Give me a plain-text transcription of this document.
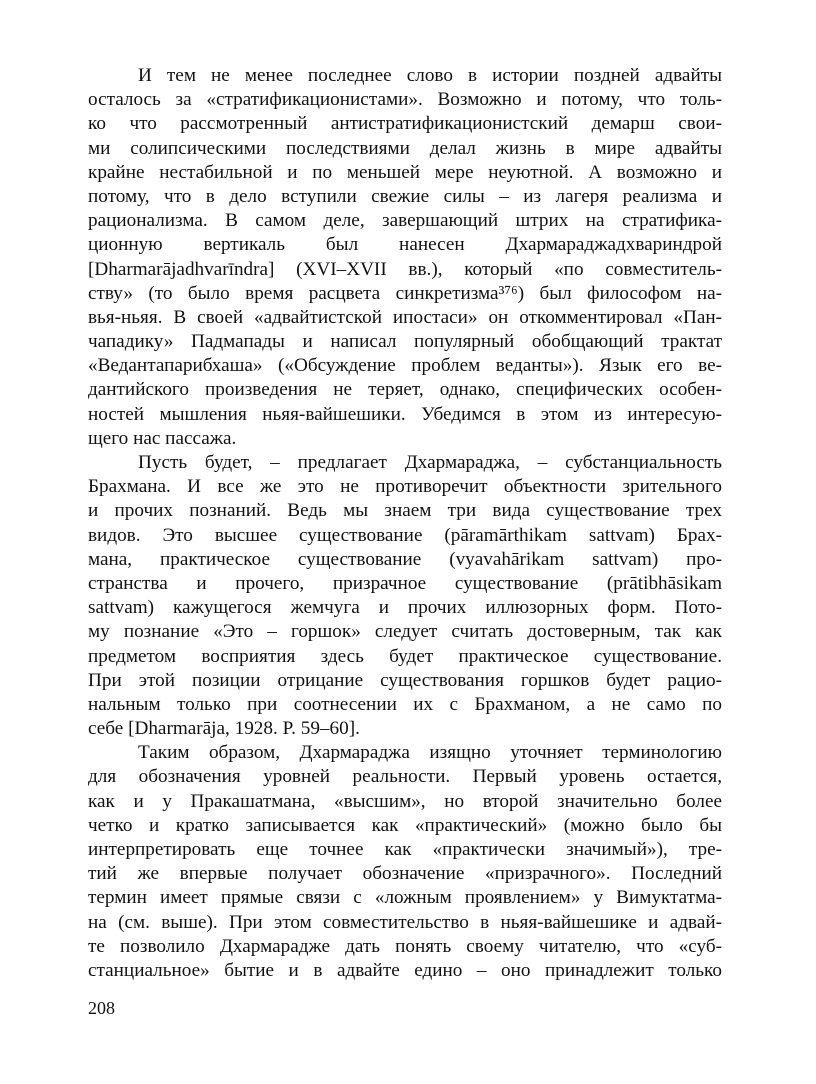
И тем не менее последнее слово в истории поздней адвайты
осталось за «стратификационистами». Возможно и потому, что толь-
ко что рассмотренный антистратификационистский демарш свои-
ми солипсическими последствиями делал жизнь в мире адвайты
крайне нестабильной и по меньшей мере неуютной. А возможно и
потому, что в дело вступили свежие силы – из лагеря реализма и
рационализма. В самом деле, завершающий штрих на стратифика-
ционную вертикаль был нанесен Дхармараджадхвариндрой
[Dharmarājadhvarīndra] (XVI–XVII вв.), который «по совместитель-
ству» (то было время расцвета синкретизма³⁷⁶) был философом на-
вья-ньяя. В своей «адвайтистской ипостаси» он откомментировал «Пан-
чападику» Падмапады и написал популярный обобщающий трактат
«Ведантапарибхаша» («Обсуждение проблем веданты»). Язык его ве-
дантийского произведения не теряет, однако, специфических особен-
ностей мышления ньяя-вайшешики. Убедимся в этом из интересую-
щего нас пассажа.

Пусть будет, – предлагает Дхармараджа, – субстанциальность
Брахмана. И все же это не противоречит объектности зрительного
и прочих познаний. Ведь мы знаем три вида существование трех
видов. Это высшее существование (pāramārthikam sattvam) Брах-
мана, практическое существование (vyavahārikam sattvam) про-
странства и прочего, призрачное существование (prātibhāsikam
sattvam) кажущегося жемчуга и прочих иллюзорных форм. Пото-
му познание «Это – горшок» следует считать достоверным, так как
предметом восприятия здесь будет практическое существование.
При этой позиции отрицание существования горшков будет рацио-
нальным только при соотнесении их с Брахманом, а не само по
себе [Dharmarāja, 1928. P. 59–60].

Таким образом, Дхармараджа изящно уточняет терминологию
для обозначения уровней реальности. Первый уровень остается,
как и у Пракашатмана, «высшим», но второй значительно более
четко и кратко записывается как «практический» (можно было бы
интерпретировать еще точнее как «практически значимый»), тре-
тий же впервые получает обозначение «призрачного». Последний
термин имеет прямые связи с «ложным проявлением» у Вимуктатма-
на (см. выше). При этом совместительство в ньяя-вайшешике и адвай-
те позволило Дхармарадже дать понять своему читателю, что «суб-
станциальное» бытие и в адвайте едино – оно принадлежит только

208
